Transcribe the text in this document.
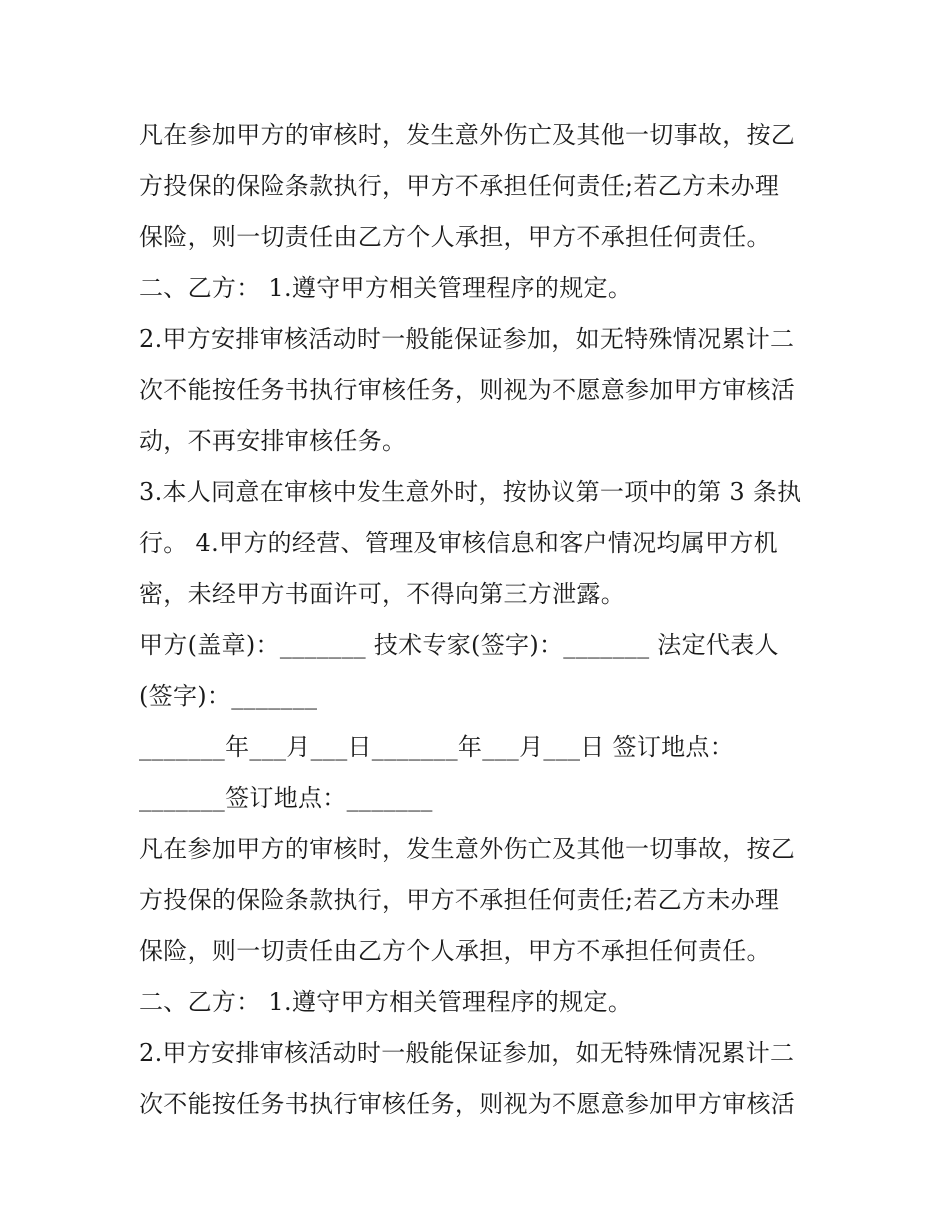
凡在参加甲方的审核时，发生意外伤亡及其他一切事故，按乙
方投保的保险条款执行，甲方不承担任何责任;若乙方未办理
保险，则一切责任由乙方个人承担，甲方不承担任何责任。
二、乙方： 1.遵守甲方相关管理程序的规定。
2.甲方安排审核活动时一般能保证参加，如无特殊情况累计二
次不能按任务书执行审核任务，则视为不愿意参加甲方审核活
动，不再安排审核任务。
3.本人同意在审核中发生意外时，按协议第一项中的第 3 条执
行。 4.甲方的经营、管理及审核信息和客户情况均属甲方机
密，未经甲方书面许可，不得向第三方泄露。
甲方(盖章)：_______ 技术专家(签字)：_______ 法定代表人
(签字)：_______
_______年___月___日_______年___月___日 签订地点：
_______签订地点：_______
凡在参加甲方的审核时，发生意外伤亡及其他一切事故，按乙
方投保的保险条款执行，甲方不承担任何责任;若乙方未办理
保险，则一切责任由乙方个人承担，甲方不承担任何责任。
二、乙方： 1.遵守甲方相关管理程序的规定。
2.甲方安排审核活动时一般能保证参加，如无特殊情况累计二
次不能按任务书执行审核任务，则视为不愿意参加甲方审核活
